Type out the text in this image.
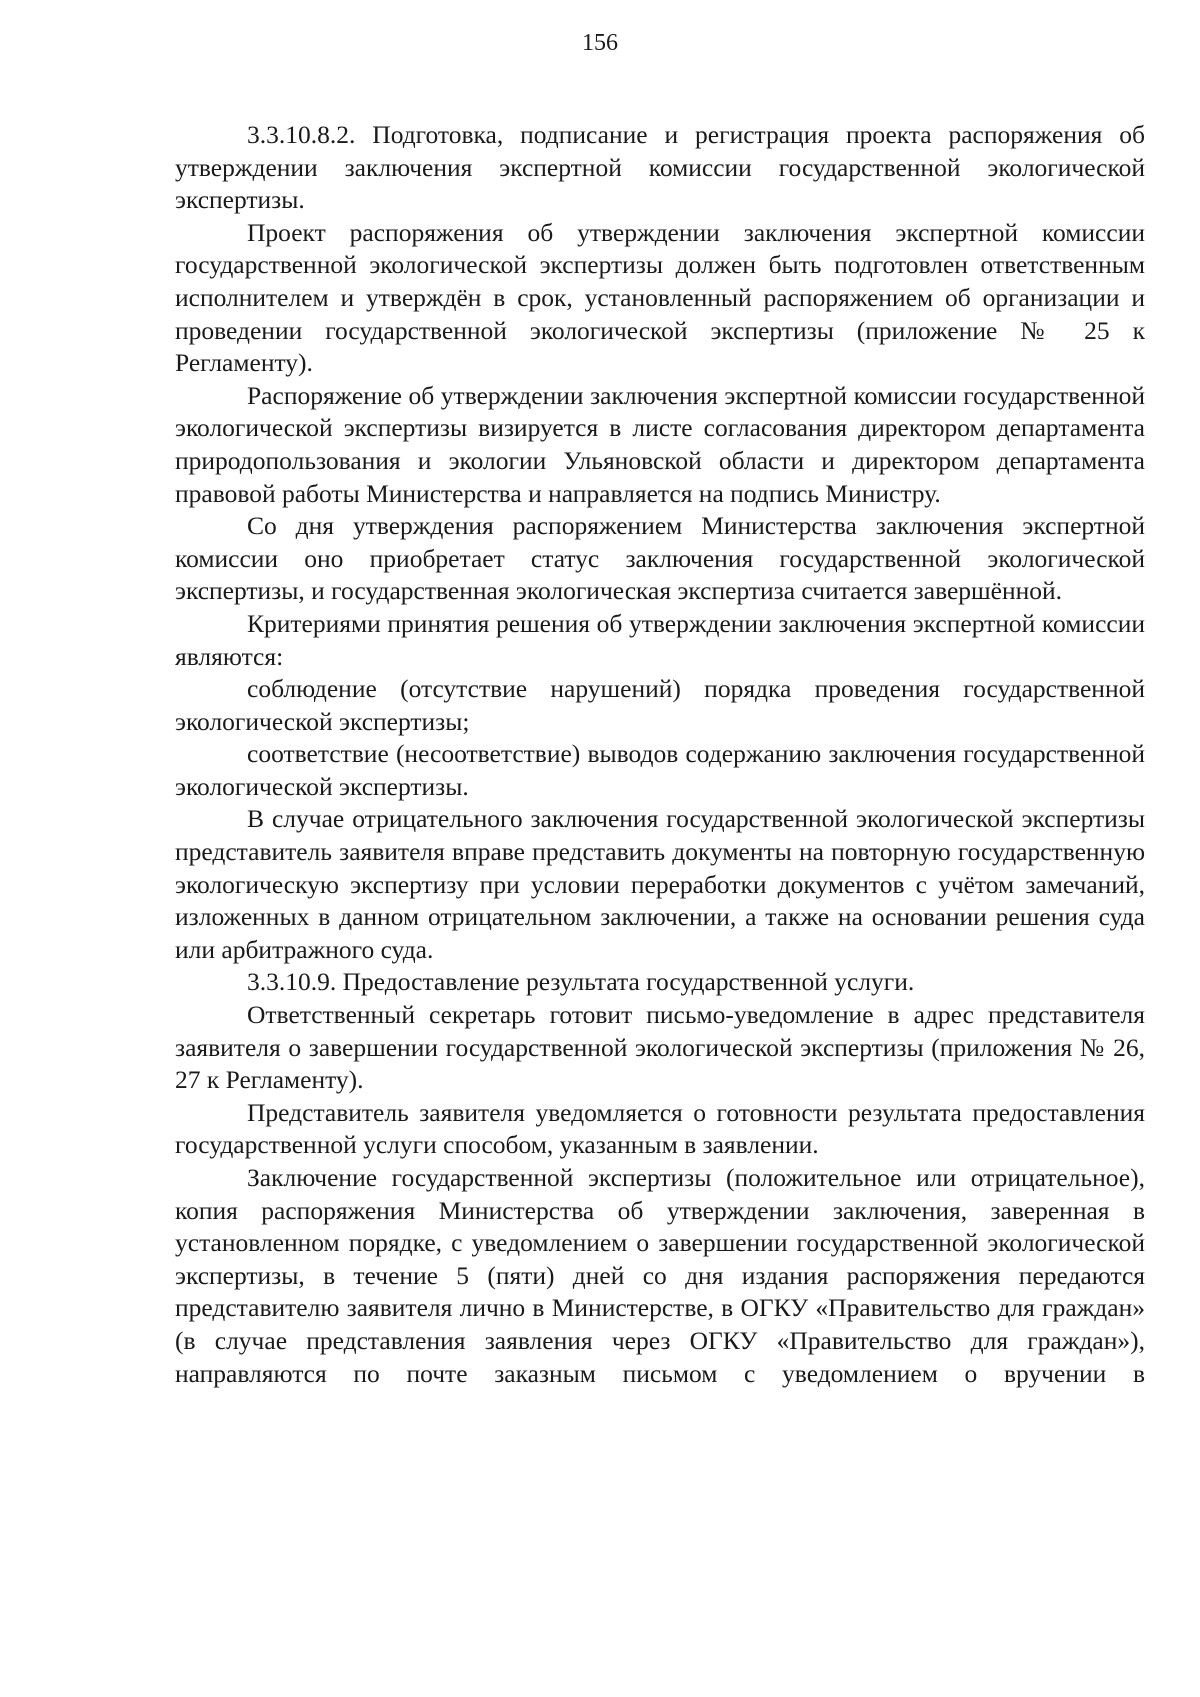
156

3.3.10.8.2. Подготовка, подписание и регистрация проекта распоряжения об утверждении заключения экспертной комиссии государственной экологической экспертизы.

Проект распоряжения об утверждении заключения экспертной комиссии государственной экологической экспертизы должен быть подготовлен ответственным исполнителем и утверждён в срок, установленный распоряжением об организации и проведении государственной экологической экспертизы (приложение № 25 к Регламенту).

Распоряжение об утверждении заключения экспертной комиссии государственной экологической экспертизы визируется в листе согласования директором департамента природопользования и экологии Ульяновской области и директором департамента правовой работы Министерства и направляется на подпись Министру.

Со дня утверждения распоряжением Министерства заключения экспертной комиссии оно приобретает статус заключения государственной экологической экспертизы, и государственная экологическая экспертиза считается завершённой.

Критериями принятия решения об утверждении заключения экспертной комиссии являются:

соблюдение (отсутствие нарушений) порядка проведения государственной экологической экспертизы;

соответствие (несоответствие) выводов содержанию заключения государственной экологической экспертизы.

В случае отрицательного заключения государственной экологической экспертизы представитель заявителя вправе представить документы на повторную государственную экологическую экспертизу при условии переработки документов с учётом замечаний, изложенных в данном отрицательном заключении, а также на основании решения суда или арбитражного суда.

3.3.10.9. Предоставление результата государственной услуги.

Ответственный секретарь готовит письмо-уведомление в адрес представителя заявителя о завершении государственной экологической экспертизы (приложения № 26, 27 к Регламенту).

Представитель заявителя уведомляется о готовности результата предоставления государственной услуги способом, указанным в заявлении.

Заключение государственной экспертизы (положительное или отрицательное), копия распоряжения Министерства об утверждении заключения, заверенная в установленном порядке, с уведомлением о завершении государственной экологической экспертизы, в течение 5 (пяти) дней со дня издания распоряжения передаются представителю заявителя лично в Министерстве, в ОГКУ «Правительство для граждан» (в случае представления заявления через ОГКУ «Правительство для граждан»), направляются по почте заказным письмом с уведомлением о вручении в
